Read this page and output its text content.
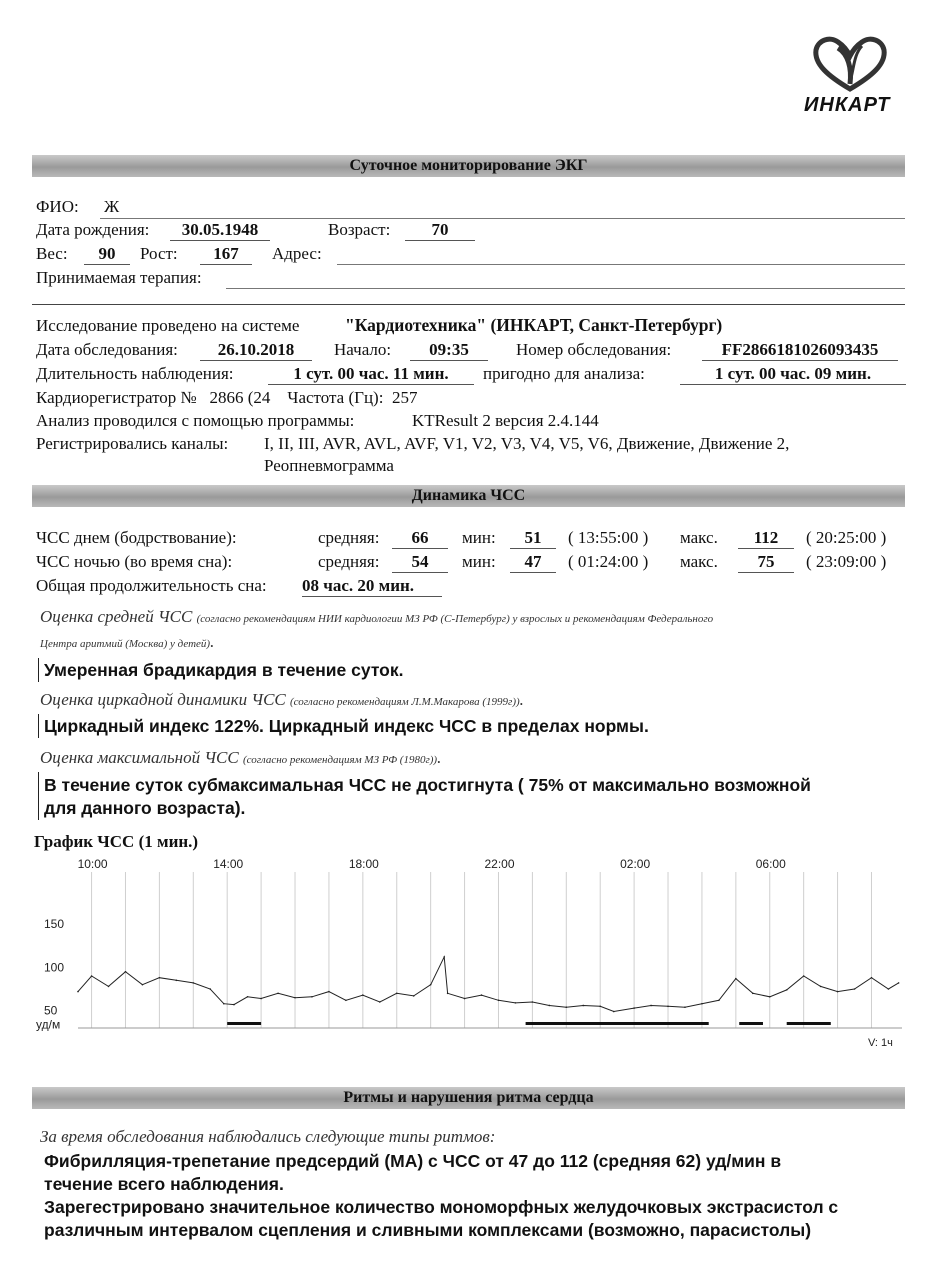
ИНКАРТ
Суточное мониторирование ЭКГ
ФИО: Ж
Дата рождения:	30.05.1948	Возраст:	70
Вес:	90	Рост:	167	Адрес:
Принимаемая терапия:
Исследование проведено на системе	"Кардиотехника" (ИНКАРТ, Санкт-Петербург)
Дата обследования:	26.10.2018	Начало:	09:35	Номер обследования:	FF286618102609343​5
Длительность наблюдения:	1 сут. 00 час. 11 мин.	пригодно для анализа:	1 сут. 00 час. 09 мин.
Кардиорегистратор №   2866 (24    Частота (Гц):  257
Анализ проводился с помощью программы:	KTResult 2 версия 2.4.144
Регистрировались каналы: I, II, III, AVR, AVL, AVF, V1, V2, V3, V4, V5, V6, Движение, Движение 2,
Реопневмограмма
Динамика ЧСС
ЧСС днем (бодрствование):	средняя:	66	мин:	51	( 13:55:00 ) макс.	112	( 20:25:00 )
ЧСС ночью (во время сна):	средняя:	54	мин:	47	( 01:24:00 ) макс.	75	( 23:09:00 )
Общая продолжительность сна: 08 час. 20 мин.
Оценка средней ЧСС (согласно рекомендациям НИИ кардиологии МЗ РФ (С-Петербург) у взрослых и рекомендациям Федерального
Центра аритмий (Москва) у детей).
Умеренная брадикардия в течение суток.
Оценка циркадной динамики ЧСС (согласно рекомендациям Л.М.Макарова (1999г)).
Циркадный индекс 122%. Циркадный индекс ЧСС в пределах нормы.
Оценка максимальной ЧСС (согласно рекомендациям МЗ РФ (1980г)).
В течение суток субмаксимальная ЧСС не достигнута ( 75% от максимально возможной
для данного возраста).
График ЧСС (1 мин.)
10:00	14:00	18:00	22:00	02:00	06:00
150
100
50
уд/м
V: 1ч
Ритмы и нарушения ритма сердца
За время обследования наблюдались следующие типы ритмов:
Фибрилляция-трепетание предсердий (МА) с ЧСС от 47 до 112 (средняя 62) уд/мин в
течение всего наблюдения.
Зарегестрировано значительное количество мономорфных желудочковых экстрасистол с
различным интервалом сцепления и сливными комплексами (возможно, парасистолы)
